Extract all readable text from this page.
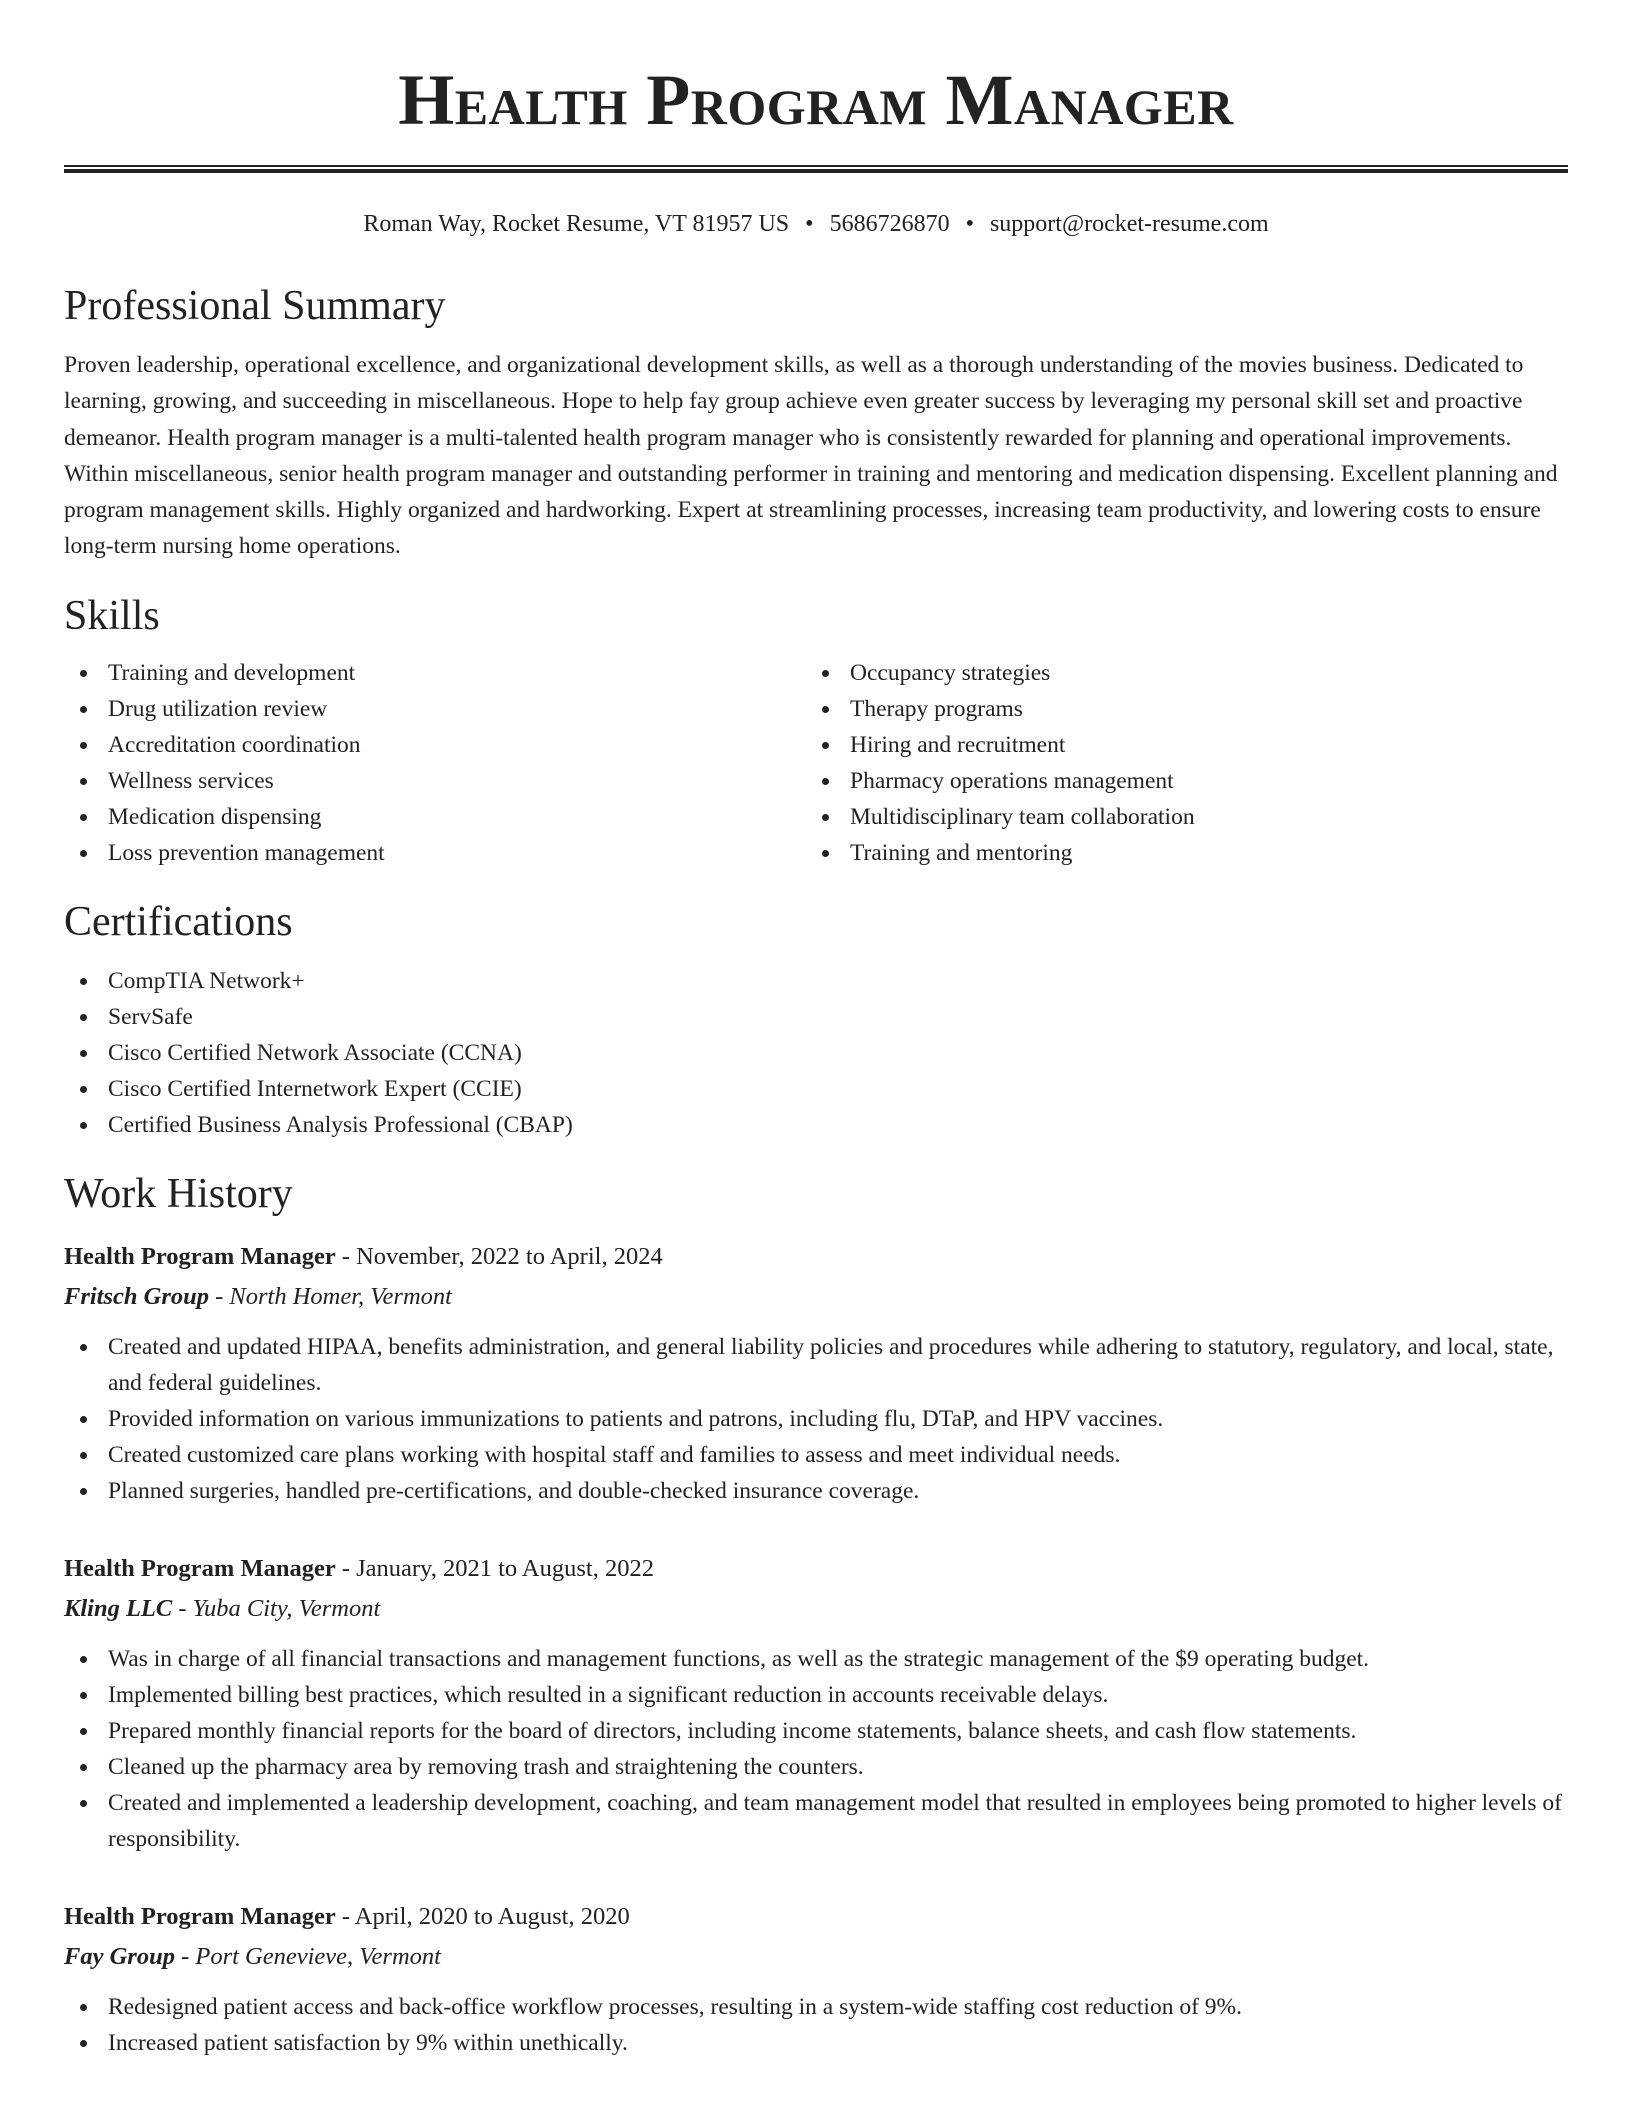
Health Program Manager
Roman Way, Rocket Resume, VT 81957 US • 5686726870 • support@rocket-resume.com
Professional Summary

Proven leadership, operational excellence, and organizational development skills, as well as a thorough understanding of the movies business. Dedicated to learning, growing, and succeeding in miscellaneous. Hope to help fay group achieve even greater success by leveraging my personal skill set and proactive demeanor. Health program manager is a multi-talented health program manager who is consistently rewarded for planning and operational improvements. Within miscellaneous, senior health program manager and outstanding performer in training and mentoring and medication dispensing. Excellent planning and program management skills. Highly organized and hardworking. Expert at streamlining processes, increasing team productivity, and lowering costs to ensure long-term nursing home operations.

Skills
Training and development
Drug utilization review
Accreditation coordination
Wellness services
Medication dispensing
Loss prevention management
Occupancy strategies
Therapy programs
Hiring and recruitment
Pharmacy operations management
Multidisciplinary team collaboration
Training and mentoring
Certifications
CompTIA Network+
ServSafe
Cisco Certified Network Associate (CCNA)
Cisco Certified Internetwork Expert (CCIE)
Certified Business Analysis Professional (CBAP)
Work History
Health Program Manager - November, 2022 to April, 2024
Fritsch Group - North Homer, Vermont
Created and updated HIPAA, benefits administration, and general liability policies and procedures while adhering to statutory, regulatory, and local, state, and federal guidelines.
Provided information on various immunizations to patients and patrons, including flu, DTaP, and HPV vaccines.
Created customized care plans working with hospital staff and families to assess and meet individual needs.
Planned surgeries, handled pre-certifications, and double-checked insurance coverage.
Health Program Manager - January, 2021 to August, 2022
Kling LLC - Yuba City, Vermont
Was in charge of all financial transactions and management functions, as well as the strategic management of the $9 operating budget.
Implemented billing best practices, which resulted in a significant reduction in accounts receivable delays.
Prepared monthly financial reports for the board of directors, including income statements, balance sheets, and cash flow statements.
Cleaned up the pharmacy area by removing trash and straightening the counters.
Created and implemented a leadership development, coaching, and team management model that resulted in employees being promoted to higher levels of responsibility.
Health Program Manager - April, 2020 to August, 2020
Fay Group - Port Genevieve, Vermont
Redesigned patient access and back-office workflow processes, resulting in a system-wide staffing cost reduction of 9%.
Increased patient satisfaction by 9% within unethically.
